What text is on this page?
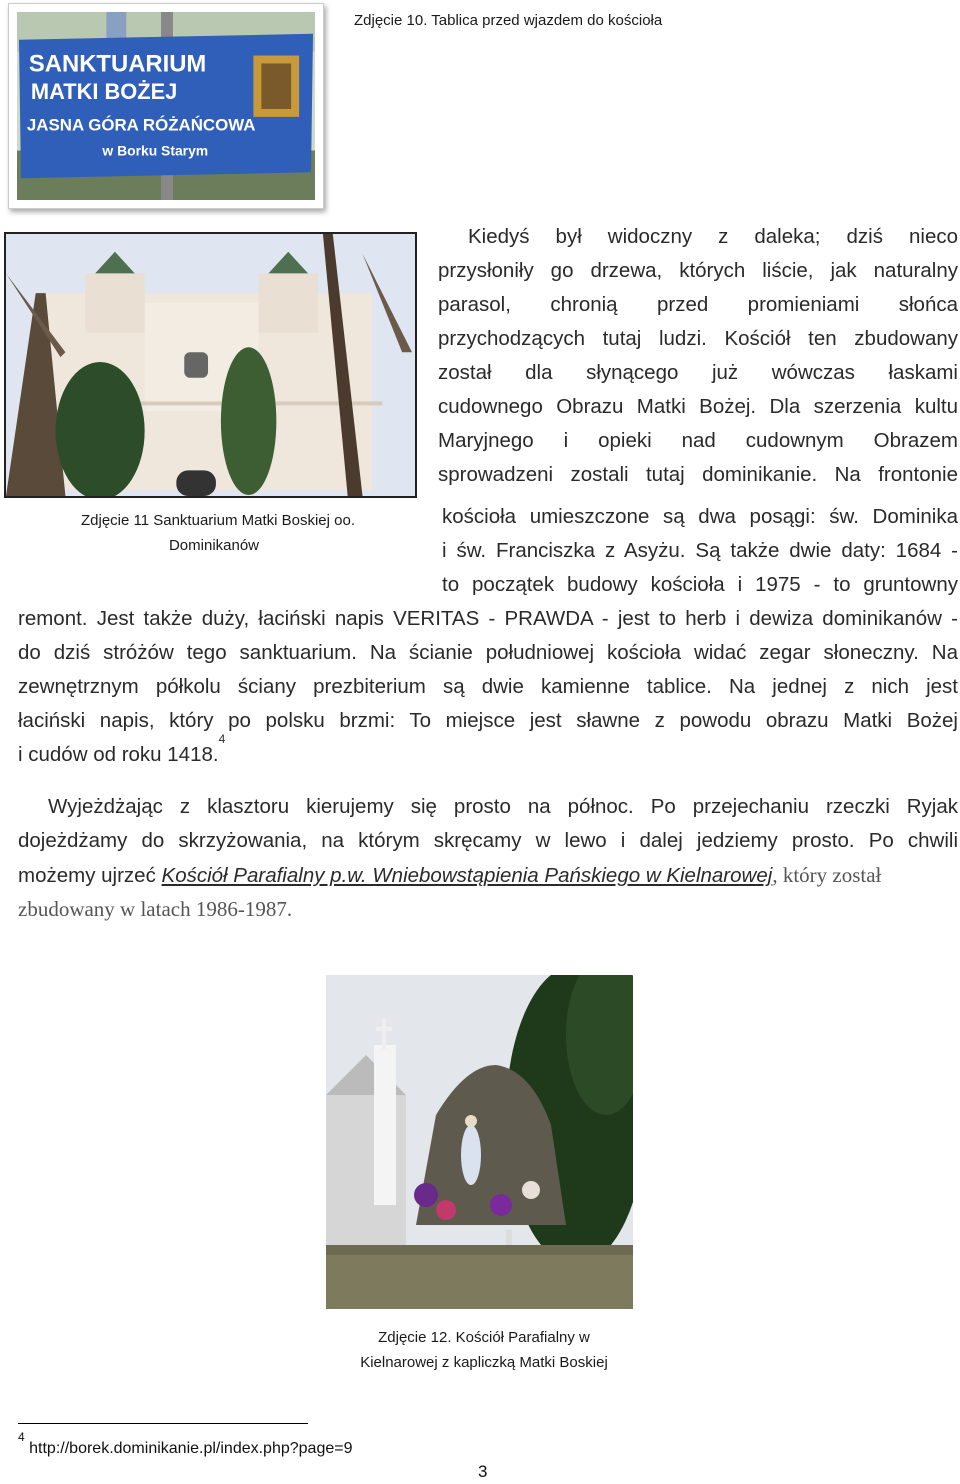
SANKTUARIUM
MATKI BOŻEJ
JASNA GÓRA RÓŻAŃCOWA
w Borku Starym
Zdjęcie 10. Tablica przed wjazdem do kościoła
Zdjęcie 11 Sanktuarium Matki Boskiej oo.
Dominikanów
Kiedyś był widoczny z daleka; dziś nieco
przysłoniły go drzewa, których liście, jak naturalny
parasol, chronią przed promieniami słońca
przychodzących tutaj ludzi. Kościół ten zbudowany
został dla słynącego już wówczas łaskami
cudownego Obrazu Matki Bożej. Dla szerzenia kultu
Maryjnego i opieki nad cudownym Obrazem
sprowadzeni zostali tutaj dominikanie. Na frontonie
kościoła umieszczone są dwa posągi: św. Dominika
i św. Franciszka z Asyżu. Są także dwie daty: 1684 -
to początek budowy kościoła i 1975 - to gruntowny
remont. Jest także duży, łaciński napis VERITAS - PRAWDA - jest to herb i dewiza dominikanów -
do dziś stróżów tego sanktuarium. Na ścianie południowej kościoła widać zegar słoneczny. Na
zewnętrznym półkolu ściany prezbiterium są dwie kamienne tablice. Na jednej z nich jest
łaciński napis, który po polsku brzmi: To miejsce jest sławne z powodu obrazu Matki Bożej
i cudów od roku 1418.$^4$
Wyjeżdżając z klasztoru kierujemy się prosto na północ. Po przejechaniu rzeczki Ryjak
dojeżdżamy do skrzyżowania, na którym skręcamy w lewo i dalej jedziemy prosto. Po chwili
możemy ujrzeć Kościół Parafialny p.w. Wniebowstąpienia Pańskiego w Kielnarowej, który został
zbudowany w latach 1986-1987.
Zdjęcie 12. Kościół Parafialny w
Kielnarowej z kapliczką Matki Boskiej
$^4$ http://borek.dominikanie.pl/index.php?page=9
3
